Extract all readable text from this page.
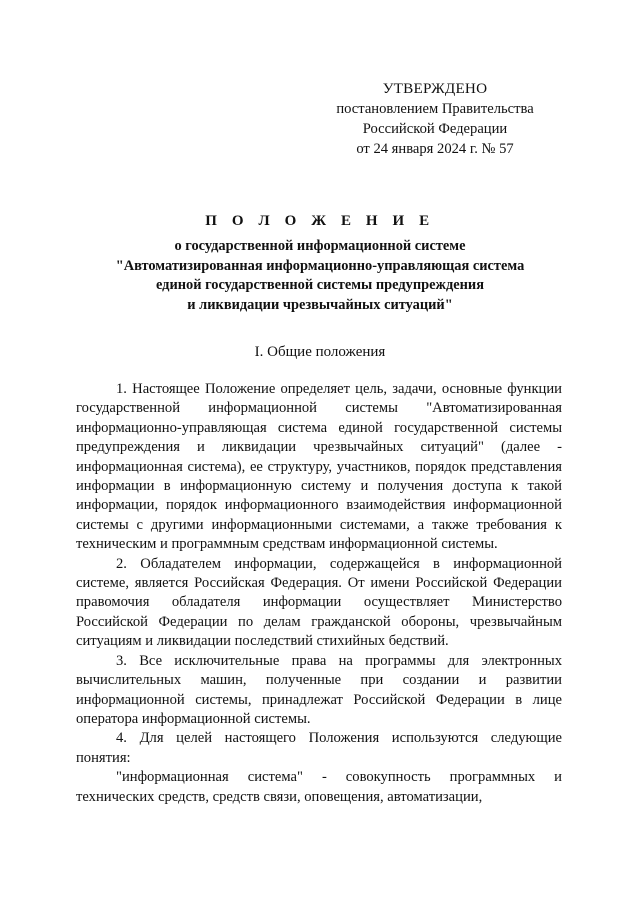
УТВЕРЖДЕНО
постановлением Правительства
Российской Федерации
от 24 января 2024 г. № 57
П О Л О Ж Е Н И Е
о государственной информационной системе
"Автоматизированная информационно-управляющая система
единой государственной системы предупреждения
и ликвидации чрезвычайных ситуаций"
I. Общие положения

1. Настоящее Положение определяет цель, задачи, основные функции государственной информационной системы "Автоматизированная информационно-управляющая система единой государственной системы предупреждения и ликвидации чрезвычайных ситуаций" (далее - информационная система), ее структуру, участников, порядок представления информации в информационную систему и получения доступа к такой информации, порядок информационного взаимодействия информационной системы с другими информационными системами, а также требования к техническим и программным средствам информационной системы.

2. Обладателем информации, содержащейся в информационной системе, является Российская Федерация. От имени Российской Федерации правомочия обладателя информации осуществляет Министерство Российской Федерации по делам гражданской обороны, чрезвычайным ситуациям и ликвидации последствий стихийных бедствий.

3. Все исключительные права на программы для электронных вычислительных машин, полученные при создании и развитии информационной системы, принадлежат Российской Федерации в лице оператора информационной системы.

4. Для целей настоящего Положения используются следующие понятия:

"информационная система" - совокупность программных и технических средств, средств связи, оповещения, автоматизации,
